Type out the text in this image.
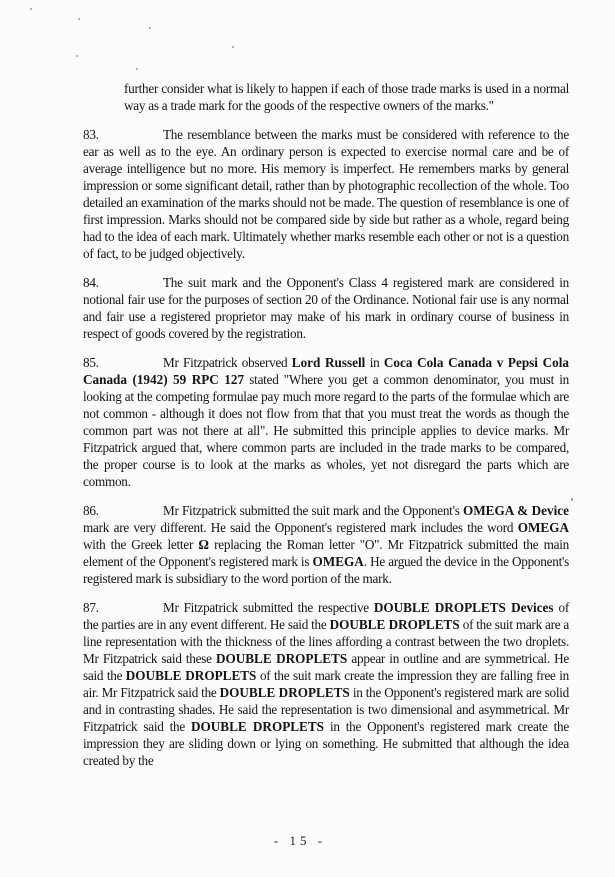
further consider what is likely to happen if each of those trade marks is used in a normal way as a trade mark for the goods of the respective owners of the marks."
83.	The resemblance between the marks must be considered with reference to the ear as well as to the eye. An ordinary person is expected to exercise normal care and be of average intelligence but no more. His memory is imperfect. He remembers marks by general impression or some significant detail, rather than by photographic recollection of the whole. Too detailed an examination of the marks should not be made. The question of resemblance is one of first impression. Marks should not be compared side by side but rather as a whole, regard being had to the idea of each mark. Ultimately whether marks resemble each other or not is a question of fact, to be judged objectively.
84.	The suit mark and the Opponent's Class 4 registered mark are considered in notional fair use for the purposes of section 20 of the Ordinance. Notional fair use is any normal and fair use a registered proprietor may make of his mark in ordinary course of business in respect of goods covered by the registration.
85.	Mr Fitzpatrick observed Lord Russell in Coca Cola Canada v Pepsi Cola Canada (1942) 59 RPC 127 stated "Where you get a common denominator, you must in looking at the competing formulae pay much more regard to the parts of the formulae which are not common - although it does not flow from that that you must treat the words as though the common part was not there at all". He submitted this principle applies to device marks. Mr Fitzpatrick argued that, where common parts are included in the trade marks to be compared, the proper course is to look at the marks as wholes, yet not disregard the parts which are common.
86.	Mr Fitzpatrick submitted the suit mark and the Opponent's OMEGA & Device mark are very different. He said the Opponent's registered mark includes the word OMEGA with the Greek letter Ω replacing the Roman letter "O". Mr Fitzpatrick submitted the main element of the Opponent's registered mark is OMEGA. He argued the device in the Opponent's registered mark is subsidiary to the word portion of the mark.
87.	Mr Fitzpatrick submitted the respective DOUBLE DROPLETS Devices of the parties are in any event different. He said the DOUBLE DROPLETS of the suit mark are a line representation with the thickness of the lines affording a contrast between the two droplets. Mr Fitzpatrick said these DOUBLE DROPLETS appear in outline and are symmetrical. He said the DOUBLE DROPLETS of the suit mark create the impression they are falling free in air. Mr Fitzpatrick said the DOUBLE DROPLETS in the Opponent's registered mark are solid and in contrasting shades. He said the representation is two dimensional and asymmetrical. Mr Fitzpatrick said the DOUBLE DROPLETS in the Opponent's registered mark create the impression they are sliding down or lying on something. He submitted that although the idea created by the
- 15 -
